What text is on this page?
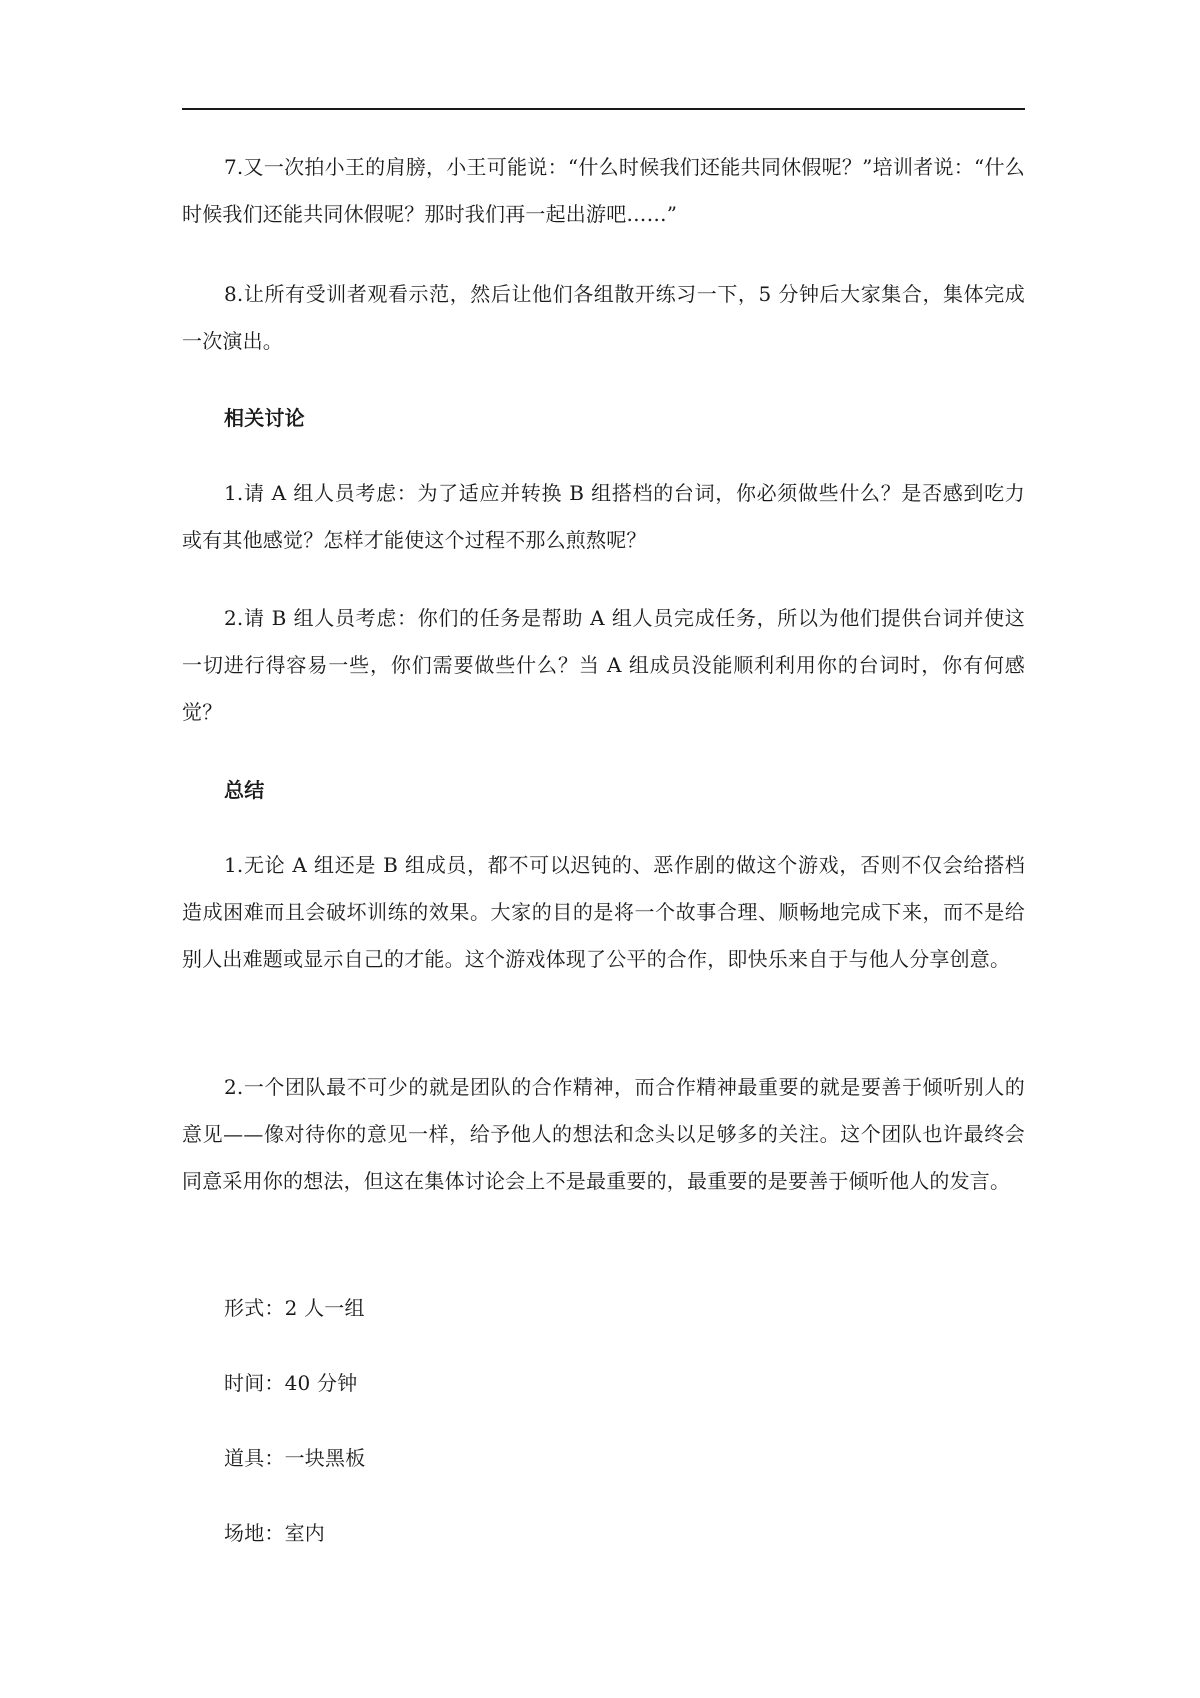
7.又一次拍小王的肩膀，小王可能说：“什么时候我们还能共同休假呢？”培训者说：“什么时候我们还能共同休假呢？那时我们再一起出游吧……”

8.让所有受训者观看示范，然后让他们各组散开练习一下，5 分钟后大家集合，集体完成一次演出。

相关讨论

1.请 A 组人员考虑：为了适应并转换 B 组搭档的台词，你必须做些什么？是否感到吃力或有其他感觉？怎样才能使这个过程不那么煎熬呢？

2.请 B 组人员考虑：你们的任务是帮助 A 组人员完成任务，所以为他们提供台词并使这一切进行得容易一些，你们需要做些什么？当 A 组成员没能顺利利用你的台词时，你有何感觉？

总结

1.无论 A 组还是 B 组成员，都不可以迟钝的、恶作剧的做这个游戏，否则不仅会给搭档造成困难而且会破坏训练的效果。大家的目的是将一个故事合理、顺畅地完成下来，而不是给别人出难题或显示自己的才能。这个游戏体现了公平的合作，即快乐来自于与他人分享创意。

2.一个团队最不可少的就是团队的合作精神，而合作精神最重要的就是要善于倾听别人的意见——像对待你的意见一样，给予他人的想法和念头以足够多的关注。这个团队也许最终会同意采用你的想法，但这在集体讨论会上不是最重要的，最重要的是要善于倾听他人的发言。

形式：2 人一组

时间：40 分钟

道具：一块黑板

场地：室内
